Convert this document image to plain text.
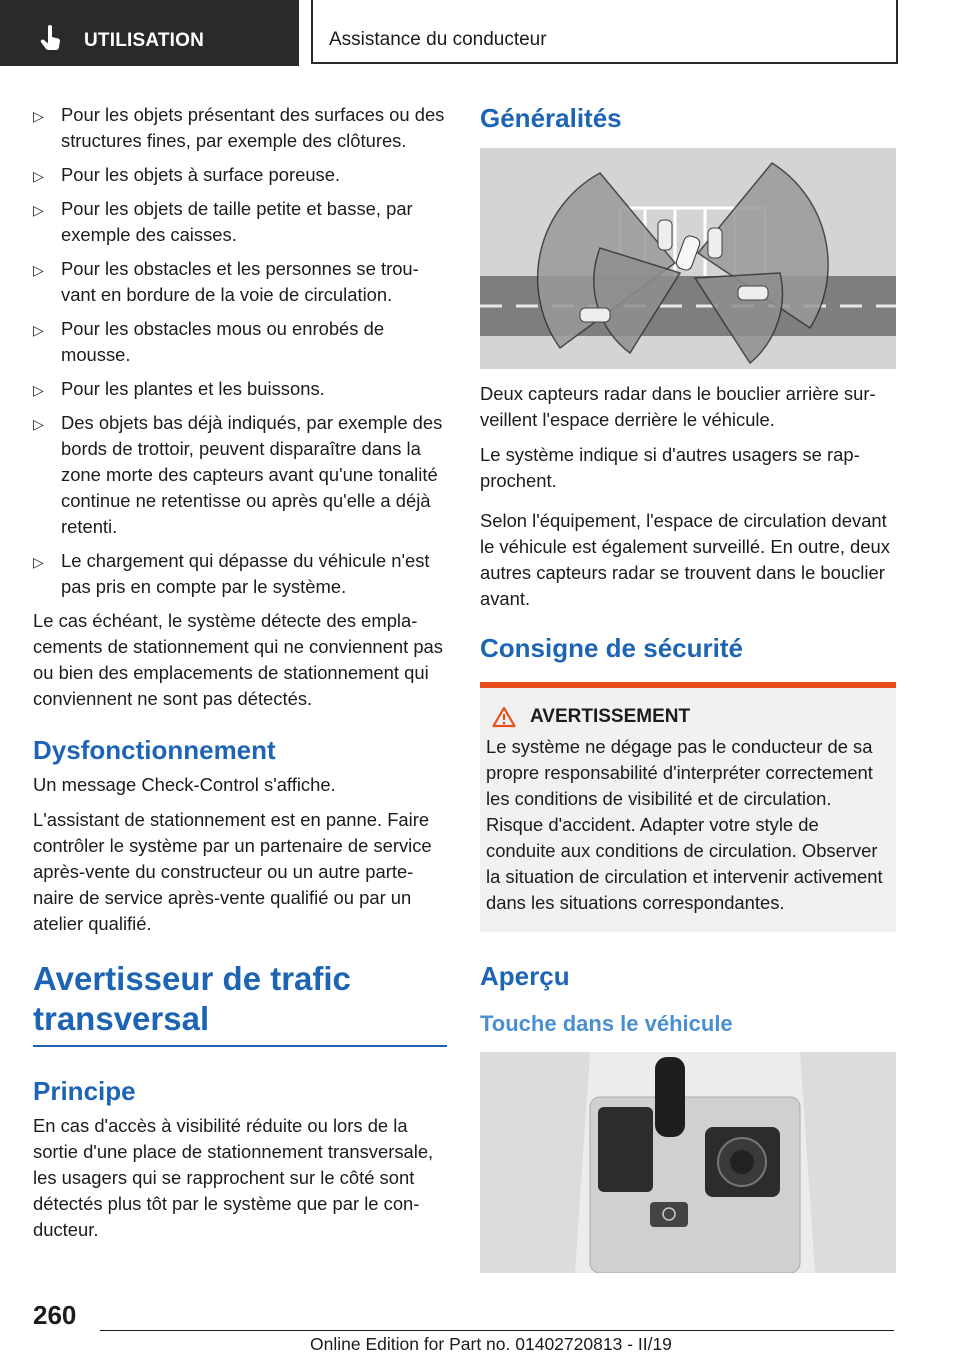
UTILISATION	Assistance du conducteur
▷ Pour les objets présentant des surfaces ou des structures fines, par exemple des clôtures.
▷ Pour les objets à surface poreuse.
▷ Pour les objets de taille petite et basse, par exemple des caisses.
▷ Pour les obstacles et les personnes se trouvant en bordure de la voie de circulation.
▷ Pour les obstacles mous ou enrobés de mousse.
▷ Pour les plantes et les buissons.
▷ Des objets bas déjà indiqués, par exemple des bords de trottoir, peuvent disparaître dans la zone morte des capteurs avant qu'une tonalité continue ne retentisse ou après qu'elle a déjà retenti.
▷ Le chargement qui dépasse du véhicule n'est pas pris en compte par le système.

Le cas échéant, le système détecte des emplacements de stationnement qui ne conviennent pas ou bien des emplacements de stationnement qui conviennent ne sont pas détectés.

Dysfonctionnement

Un message Check-Control s'affiche.

L'assistant de stationnement est en panne. Faire contrôler le système par un partenaire de service après-vente du constructeur ou un autre partenaire de service après-vente qualifié ou par un atelier qualifié.

Avertisseur de trafic transversal
Principe

En cas d'accès à visibilité réduite ou lors de la sortie d'une place de stationnement transversale, les usagers qui se rapprochent sur le côté sont détectés plus tôt par le système que par le conducteur.

Généralités

Deux capteurs radar dans le bouclier arrière surveillent l'espace derrière le véhicule.

Le système indique si d'autres usagers se rapprochent.

Selon l'équipement, l'espace de circulation devant le véhicule est également surveillé. En outre, deux autres capteurs radar se trouvent dans le bouclier avant.

Consigne de sécurité
AVERTISSEMENT

Le système ne dégage pas le conducteur de sa propre responsabilité d'interpréter correctement les conditions de visibilité et de circulation. Risque d'accident. Adapter votre style de conduite aux conditions de circulation. Observer la situation de circulation et intervenir activement dans les situations correspondantes.

Aperçu
Touche dans le véhicule
260
Online Edition for Part no. 01402720813 - II/19
